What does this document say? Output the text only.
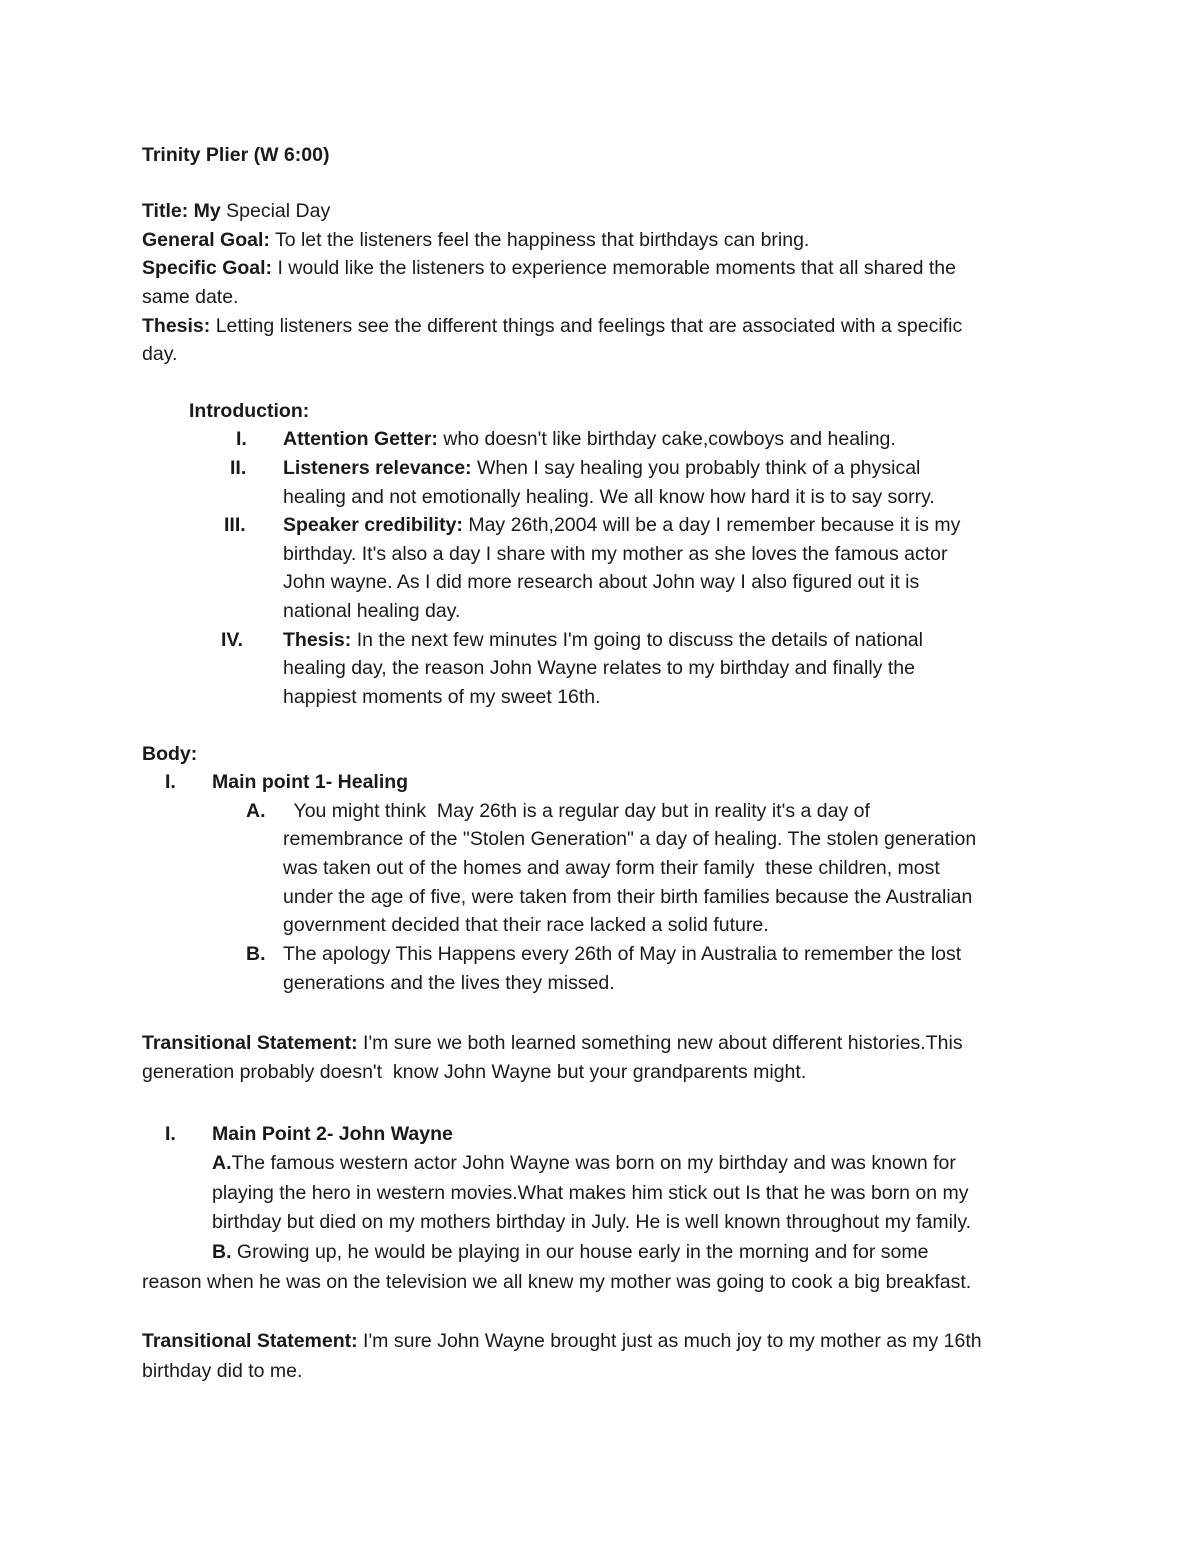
Trinity Plier (W 6:00)
Title: My Special Day
General Goal: To let the listeners feel the happiness that birthdays can bring.
Specific Goal: I would like the listeners to experience memorable moments that all shared the
same date.
Thesis: Letting listeners see the different things and feelings that are associated with a specific
day.
Introduction:
I. Attention Getter: who doesn't like birthday cake,cowboys and healing.
II. Listeners relevance: When I say healing you probably think of a physical
healing and not emotionally healing. We all know how hard it is to say sorry.
III. Speaker credibility: May 26th,2004 will be a day I remember because it is my
birthday. It's also a day I share with my mother as she loves the famous actor
John wayne. As I did more research about John way I also figured out it is
national healing day.
IV. Thesis: In the next few minutes I'm going to discuss the details of national
healing day, the reason John Wayne relates to my birthday and finally the
happiest moments of my sweet 16th.
Body:
I. Main point 1- Healing
A. You might think  May 26th is a regular day but in reality it's a day of
remembrance of the "Stolen Generation" a day of healing. The stolen generation
was taken out of the homes and away form their family  these children, most
under the age of five, were taken from their birth families because the Australian
government decided that their race lacked a solid future.
B. The apology This Happens every 26th of May in Australia to remember the lost
generations and the lives they missed.
Transitional Statement: I'm sure we both learned something new about different histories.This
generation probably doesn't  know John Wayne but your grandparents might.
I. Main Point 2- John Wayne
A.The famous western actor John Wayne was born on my birthday and was known for
playing the hero in western movies.What makes him stick out Is that he was born on my
birthday but died on my mothers birthday in July. He is well known throughout my family.
B. Growing up, he would be playing in our house early in the morning and for some
reason when he was on the television we all knew my mother was going to cook a big breakfast.
Transitional Statement: I'm sure John Wayne brought just as much joy to my mother as my 16th
birthday did to me.
